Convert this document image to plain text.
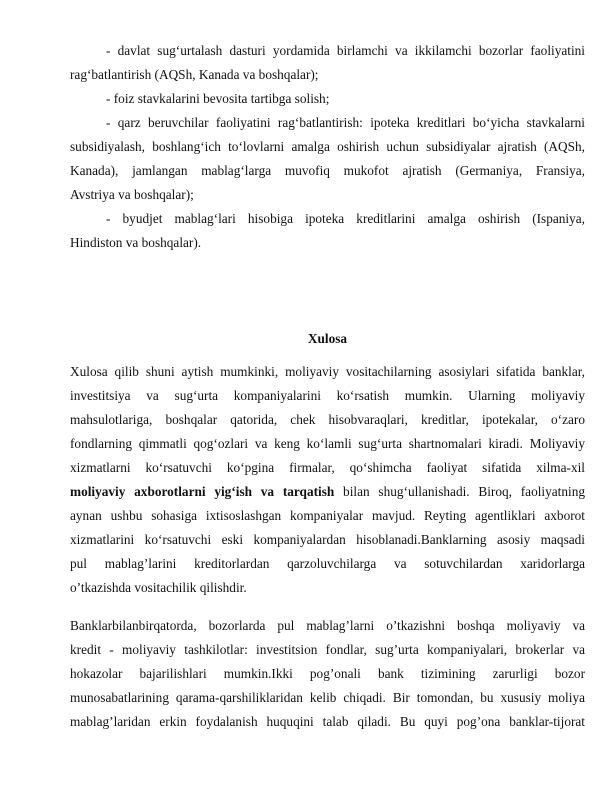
- davlat sug‘urtalash dasturi yordamida birlamchi va ikkilamchi bozorlar faoliyatini
rag‘batlantirish (AQSh, Kanada va boshqalar);
- foiz stavkalarini bevosita tartibga solish;
- qarz beruvchilar faoliyatini rag‘batlantirish: ipoteka kreditlari bo‘yicha stavkalarni
subsidiyalash, boshlang‘ich to‘lovlarni amalga oshirish uchun subsidiyalar ajratish (AQSh,
Kanada), jamlangan mablag‘larga muvofiq mukofot ajratish (Germaniya, Fransiya,
Avstriya va boshqalar);
- byudjet mablag‘lari hisobiga ipoteka kreditlarini amalga oshirish (Ispaniya,
Hindiston va boshqalar).
Xulosa
Xulosa qilib shuni aytish mumkinki, moliyaviy vositachilarning asosiylari sifatida banklar,
investitsiya va sug‘urta kompaniyalarini ko‘rsatish mumkin. Ularning moliyaviy
mahsulotlariga, boshqalar qatorida, chek hisobvaraqlari, kreditlar, ipotekalar, o‘zaro
fondlarning qimmatli qog‘ozlari va keng ko‘lamli sug‘urta shartnomalari kiradi. Moliyaviy
xizmatlarni ko‘rsatuvchi ko‘pgina firmalar, qo‘shimcha faoliyat sifatida xilma-xil
moliyaviy axborotlarni yig‘ish va tarqatish bilan shug‘ullanishadi. Biroq, faoliyatning
aynan ushbu sohasiga ixtisoslashgan kompaniyalar mavjud. Reyting agentliklari axborot
xizmatlarini ko‘rsatuvchi eski kompaniyalardan hisoblanadi.Banklarning asosiy maqsadi
pul mablag’larini kreditorlardan qarzoluvchilarga va sotuvchilardan xaridorlarga
o’tkazishda vositachilik qilishdir.
Banklarbilanbirqatorda, bozorlarda pul mablag’larni o’tkazishni boshqa moliyaviy va
kredit - moliyaviy tashkilotlar: investitsion fondlar, sug’urta kompaniyalari, brokerlar va
hokazolar bajarilishlari mumkin.Ikki pog’onali bank tizimining zarurligi bozor
munosabatlarining qarama-qarshiliklaridan kelib chiqadi. Bir tomondan, bu xususiy moliya
mablag’laridan erkin foydalanish huquqini talab qiladi. Bu quyi pog’ona banklar-tijorat
